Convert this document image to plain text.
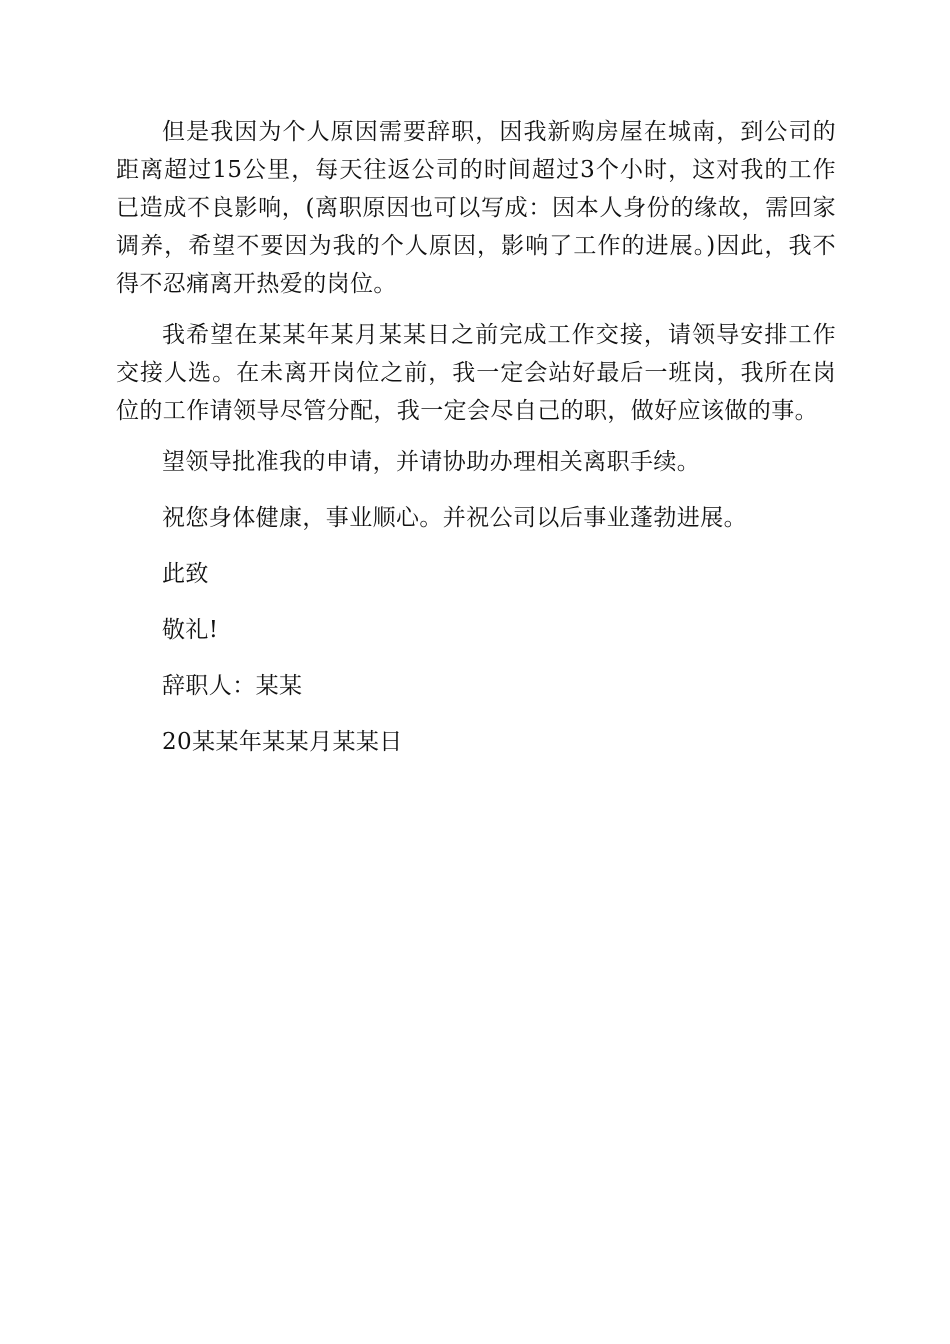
但是我因为个人原因需要辞职，因我新购房屋在城南，到公司的距离超过15公里，每天往返公司的时间超过3个小时，这对我的工作已造成不良影响，(离职原因也可以写成：因本人身份的缘故，需回家调养，希望不要因为我的个人原因，影响了工作的进展。)因此，我不得不忍痛离开热爱的岗位。

我希望在某某年某月某某日之前完成工作交接，请领导安排工作交接人选。在未离开岗位之前，我一定会站好最后一班岗，我所在岗位的工作请领导尽管分配，我一定会尽自己的职，做好应该做的事。

望领导批准我的申请，并请协助办理相关离职手续。

祝您身体健康，事业顺心。并祝公司以后事业蓬勃进展。

此致

敬礼!

辞职人：某某

20某某年某某月某某日
